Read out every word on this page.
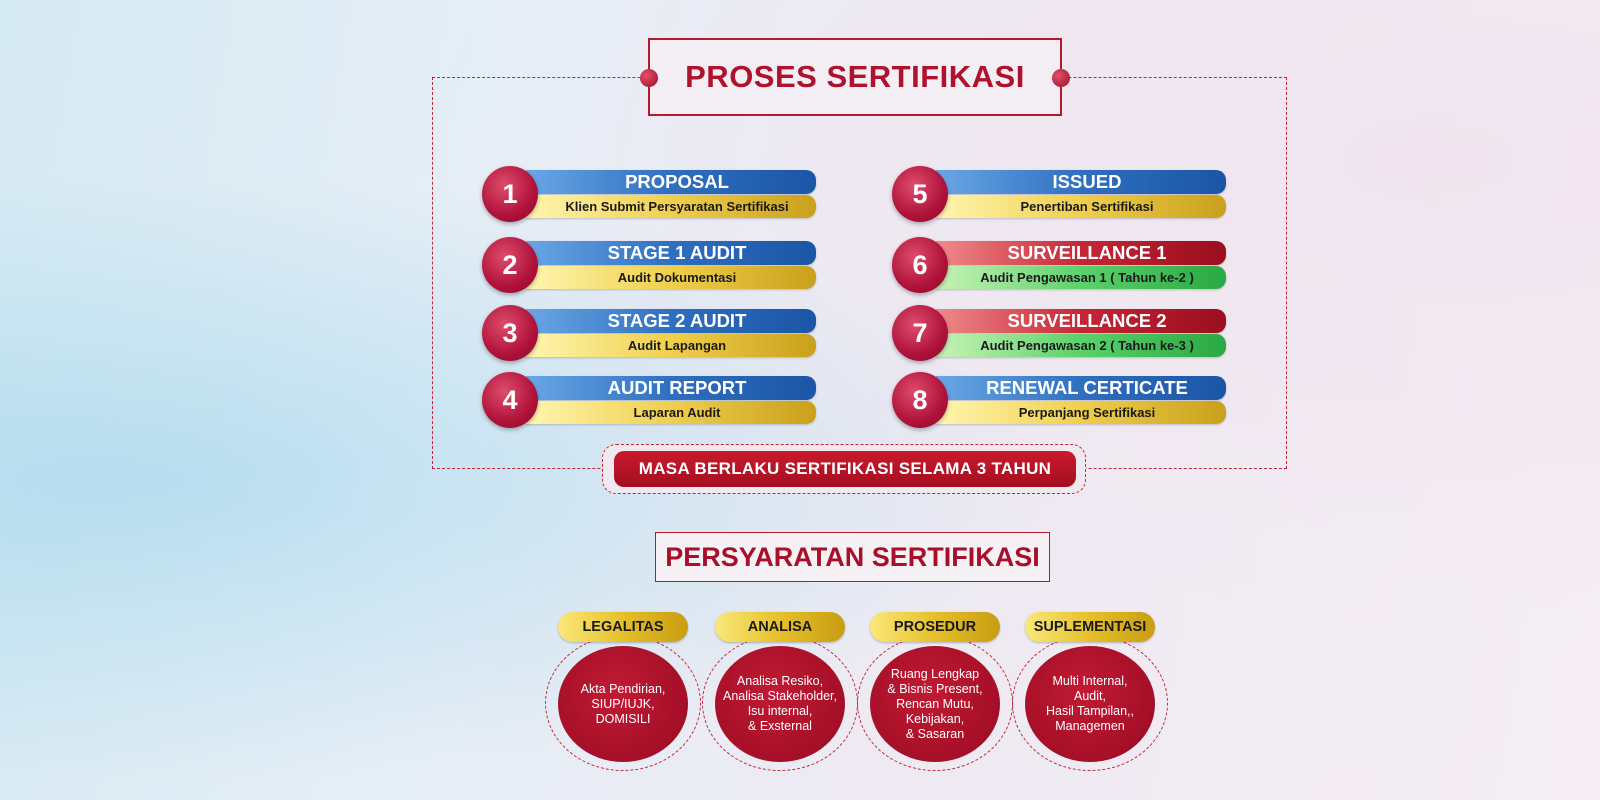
PROSES SERTIFIKASI
1	PROPOSAL
Klien Submit Persyaratan Sertifikasi
2	STAGE 1 AUDIT
Audit Dokumentasi
3	STAGE 2 AUDIT
Audit Lapangan
4	AUDIT REPORT
Laparan Audit
5	ISSUED
Penertiban Sertifikasi
6	SURVEILLANCE 1
Audit Pengawasan 1 ( Tahun ke-2 )
7	SURVEILLANCE 2
Audit Pengawasan 2 ( Tahun ke-3 )
8	RENEWAL CERTICATE
Perpanjang Sertifikasi
MASA BERLAKU SERTIFIKASI SELAMA 3 TAHUN
PERSYARATAN SERTIFIKASI
LEGALITAS
Akta Pendirian,
SIUP/IUJK,
DOMISILI
ANALISA
Analisa Resiko,
Analisa Stakeholder,
Isu internal,
& Exsternal
PROSEDUR
Ruang Lengkap
& Bisnis Present,
Rencan Mutu,
Kebijakan,
& Sasaran
SUPLEMENTASI
Multi Internal,
Audit,
Hasil Tampilan,,
Managemen
